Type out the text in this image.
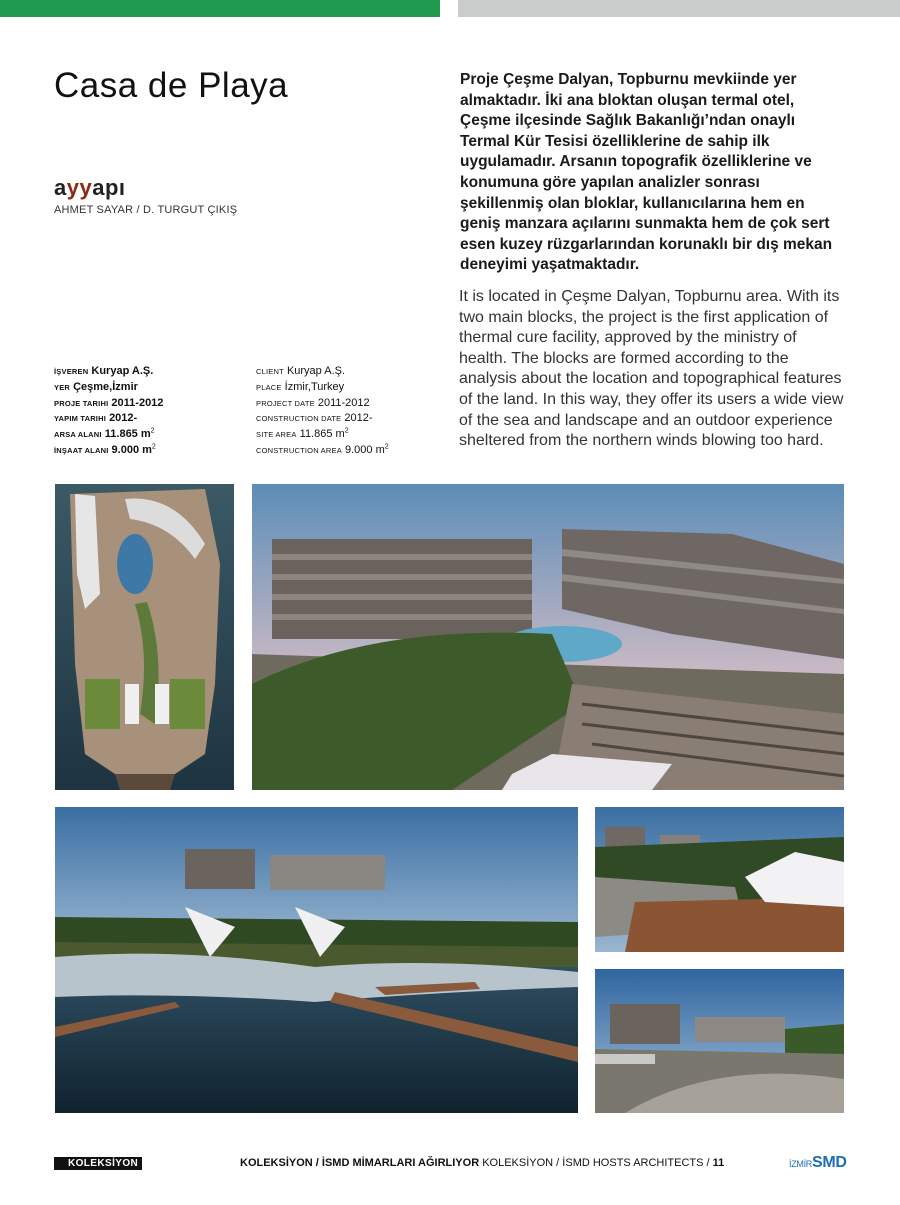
Casa de Playa
ayyapı
AHMET SAYAR / D. TURGUT ÇIKIŞ

Proje Çeşme Dalyan, Topburnu mevkiinde yer almaktadır. İki ana bloktan oluşan termal otel, Çeşme ilçesinde Sağlık Bakanlığı’ndan onaylı Termal Kür Tesisi özelliklerine de sahip ilk uygulamadır. Arsanın topografik özelliklerine ve konumuna göre yapılan analizler sonrası şekillenmiş olan bloklar, kullanıcılarına hem en geniş manzara açılarını sunmakta hem de çok sert esen kuzey rüzgarlarından korunaklı bir dış mekan deneyimi yaşatmaktadır.

It is located in Çeşme Dalyan, Topburnu area. With its two main blocks, the project is the first application of thermal cure facility, approved by the ministry of health. The blocks are formed according to the analysis about the location and topographical features of the land. In this way, they offer its users a wide view of the sea and landscape and an outdoor experience sheltered from the northern winds blowing too hard.

İŞVEREN Kuryap A.Ş.
YER Çeşme,İzmir
PROJE TARIHI 2011-2012
YAPIM TARIHI 2012-
ARSA ALANI 11.865 $m^2$
İNŞAAT ALANI 9.000 $m^2$
CLIENT Kuryap A.Ş.
PLACE İzmir,Turkey
PROJECT DATE 2011-2012
CONSTRUCTION DATE 2012-
SITE AREA 11.865 $m^2$
CONSTRUCTION AREA 9.000 $m^2$
KOLEKSİYON	KOLEKSİYON / İSMD MİMARLARI AĞIRLIYOR KOLEKSİYON / İSMD HOSTS ARCHITECTS / 11	İZMİRSMD
